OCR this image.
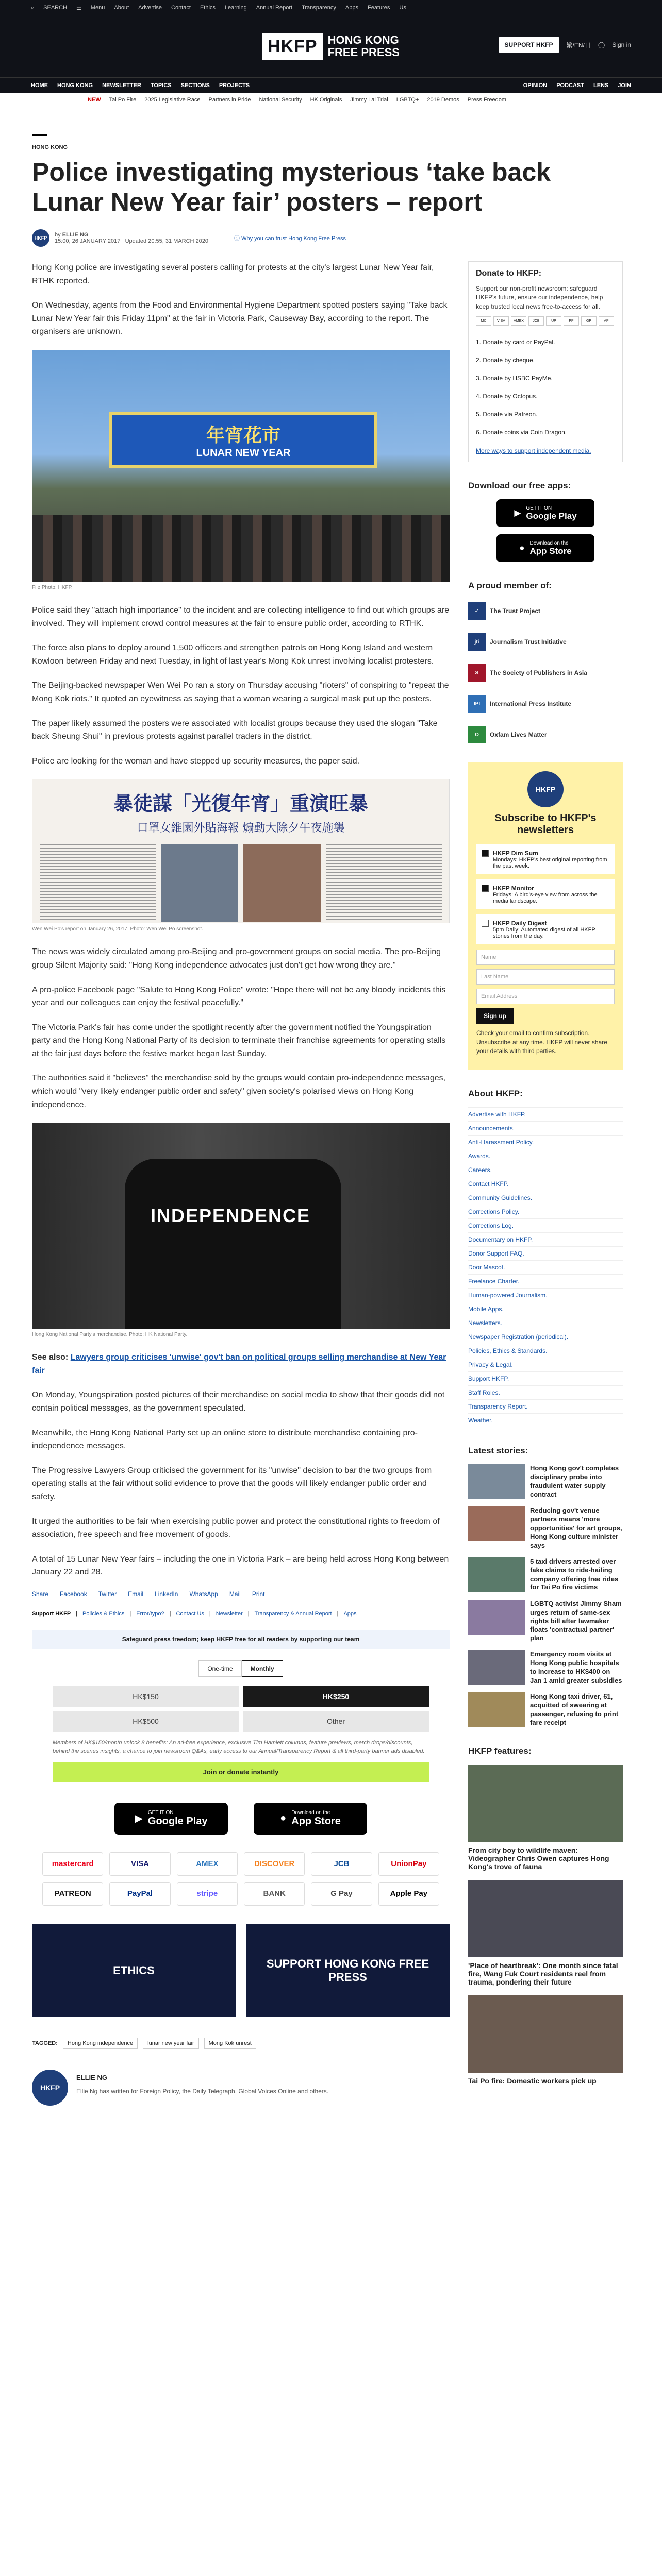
⌕ SEARCH ☰ Menu About Advertise Contact Ethics Learning Annual Report Transparency Apps Features Us
HKFP HONG KONG
FREE PRESS
SUPPORT HKFP	繁/EN/日 ◯ Sign in
HOME HONG KONG NEWSLETTER TOPICS SECTIONS PROJECTS	OPINION PODCAST LENS JOIN
NEW Tai Po Fire 2025 Legislative Race Partners in Pride National Security HK Originals Jimmy Lai Trial LGBTQ+ 2019 Demos Press Freedom
HONG KONG
Police investigating mysterious ‘take back Lunar New Year fair’ posters – report
HKFP	by ELLIE NG
15:00, 26 JANUARY 2017 Updated 20:55, 31 MARCH 2020	ⓘ Why you can trust Hong Kong Free Press

Hong Kong police are investigating several posters calling for protests at the city's largest Lunar New Year fair, RTHK reported.

On Wednesday, agents from the Food and Environmental Hygiene Department spotted posters saying "Take back Lunar New Year fair this Friday 11pm" at the fair in Victoria Park, Causeway Bay, according to the report. The organisers are unknown.

年宵花市
LUNAR NEW YEAR
File Photo: HKFP.

Police said they "attach high importance" to the incident and are collecting intelligence to find out which groups are involved. They will implement crowd control measures at the fair to ensure public order, according to RTHK.

The force also plans to deploy around 1,500 officers and strengthen patrols on Hong Kong Island and western Kowloon between Friday and next Tuesday, in light of last year's Mong Kok unrest involving localist protesters.

The Beijing-backed newspaper Wen Wei Po ran a story on Thursday accusing "rioters" of conspiring to "repeat the Mong Kok riots." It quoted an eyewitness as saying that a woman wearing a surgical mask put up the posters.

The paper likely assumed the posters were associated with localist groups because they used the slogan "Take back Sheung Shui" in previous protests against parallel traders in the district.

Police are looking for the woman and have stepped up security measures, the paper said.

暴徒謀「光復年宵」重演旺暴
口罩女維園外貼海報 煽動大除夕午夜施襲
Wen Wei Po's report on January 26, 2017. Photo: Wen Wei Po screenshot.

The news was widely circulated among pro-Beijing and pro-government groups on social media. The pro-Beijing group Silent Majority said: "Hong Kong independence advocates just don't get how wrong they are."

A pro-police Facebook page "Salute to Hong Kong Police" wrote: "Hope there will not be any bloody incidents this year and our colleagues can enjoy the festival peacefully."

The Victoria Park's fair has come under the spotlight recently after the government notified the Youngspiration party and the Hong Kong National Party of its decision to terminate their franchise agreements for operating stalls at the fair just days before the festive market began last Sunday.

The authorities said it "believes" the merchandise sold by the groups would contain pro-independence messages, which would "very likely endanger public order and safety" given society's polarised views on Hong Kong independence.

INDEPENDENCE
Hong Kong National Party's merchandise. Photo: HK National Party.

See also: Lawyers group criticises 'unwise' gov't ban on political groups selling merchandise at New Year fair

On Monday, Youngspiration posted pictures of their merchandise on social media to show that their goods did not contain political messages, as the government speculated.

Meanwhile, the Hong Kong National Party set up an online store to distribute merchandise containing pro-independence messages.

The Progressive Lawyers Group criticised the government for its "unwise" decision to bar the two groups from operating stalls at the fair without solid evidence to prove that the goods will likely endanger public order and safety.

It urged the authorities to be fair when exercising public power and protect the constitutional rights to freedom of association, free speech and free movement of goods.

A total of 15 Lunar New Year fairs – including the one in Victoria Park – are being held across Hong Kong between January 22 and 28.

Share Facebook Twitter Email LinkedIn WhatsApp Mail Print
Support HKFP | Policies & Ethics | Error/typo? | Contact Us | Newsletter | Transparency & Annual Report | Apps
Safeguard press freedom; keep HKFP free for all readers by supporting our team
One-time	Monthly
HK$150	HK$250
HK$500	Other
Members of HK$150/month unlock 8 benefits: An ad-free experience, exclusive Tim Hamlett columns, feature previews, merch drops/discounts, behind the scenes insights, a chance to join newsroom Q&As, early access to our Annual/Transparency Report & all third-party banner ads disabled.
Join or donate instantly
▶
GET IT ON
Google Play	● Download on the
App Store
mastercard	VISA	AMEX	DISCOVER	JCB	UnionPay
PATREON	PayPal	stripe	BANK	G Pay	Apple Pay
ETHICS
SUPPORT HONG KONG FREE PRESS
TAGGED:	Hong Kong independence	lunar new year fair	Mong Kok unrest
HKFP
ELLIE NG
Ellie Ng has written for Foreign Policy, the Daily Telegraph, Global Voices Online and others.
Donate to HKFP:
Support our non-profit newsroom: safeguard HKFP's future, ensure our independence, help keep trusted local news free-to-access for all.
MC	VISA	AMEX	JCB	UP	PP	GP	AP
1. Donate by card or PayPal.
2. Donate by cheque.
3. Donate by HSBC PayMe.
4. Donate by Octopus.
5. Donate via Patreon.
6. Donate coins via Coin Dragon.
More ways to support independent media.
Download our free apps:
▶ GET IT ON
Google Play
● Download on the
App Store
A proud member of:
✓	The Trust Project
jti	Journalism Trust Initiative
S	The Society of Publishers in Asia
IPI	International Press Institute
O	Oxfam Lives Matter
HKFP
Subscribe to HKFP's newsletters
HKFP Dim Sum
Mondays: HKFP's best original reporting from the past week.
HKFP Monitor
Fridays: A bird's-eye view from across the media landscape.
HKFP Daily Digest
5pm Daily: Automated digest of all HKFP stories from the day.
Name
Last Name
Email Address
Sign up
Check your email to confirm subscription. Unsubscribe at any time. HKFP will never share your details with third parties.
About HKFP:
Advertise with HKFP.
Announcements.
Anti-Harassment Policy.
Awards.
Careers.
Contact HKFP.
Community Guidelines.
Corrections Policy.
Corrections Log.
Documentary on HKFP.
Donor Support FAQ.
Door Mascot.
Freelance Charter.
Human-powered Journalism.
Mobile Apps.
Newsletters.
Newspaper Registration (periodical).
Policies, Ethics & Standards.
Privacy & Legal.
Support HKFP.
Staff Roles.
Transparency Report.
Weather.
Latest stories:
Hong Kong gov't completes disciplinary probe into fraudulent water supply contract
Reducing gov't venue partners means 'more opportunities' for art groups, Hong Kong culture minister says
5 taxi drivers arrested over fake claims to ride-hailing company offering free rides for Tai Po fire victims
LGBTQ activist Jimmy Sham urges return of same-sex rights bill after lawmaker floats 'contractual partner' plan
Emergency room visits at Hong Kong public hospitals to increase to HK$400 on Jan 1 amid greater subsidies
Hong Kong taxi driver, 61, acquitted of swearing at passenger, refusing to print fare receipt
HKFP features:
From city boy to wildlife maven: Videographer Chris Owen captures Hong Kong's trove of fauna
'Place of heartbreak': One month since fatal fire, Wang Fuk Court residents reel from trauma, pondering their future
Tai Po fire: Domestic workers pick up
